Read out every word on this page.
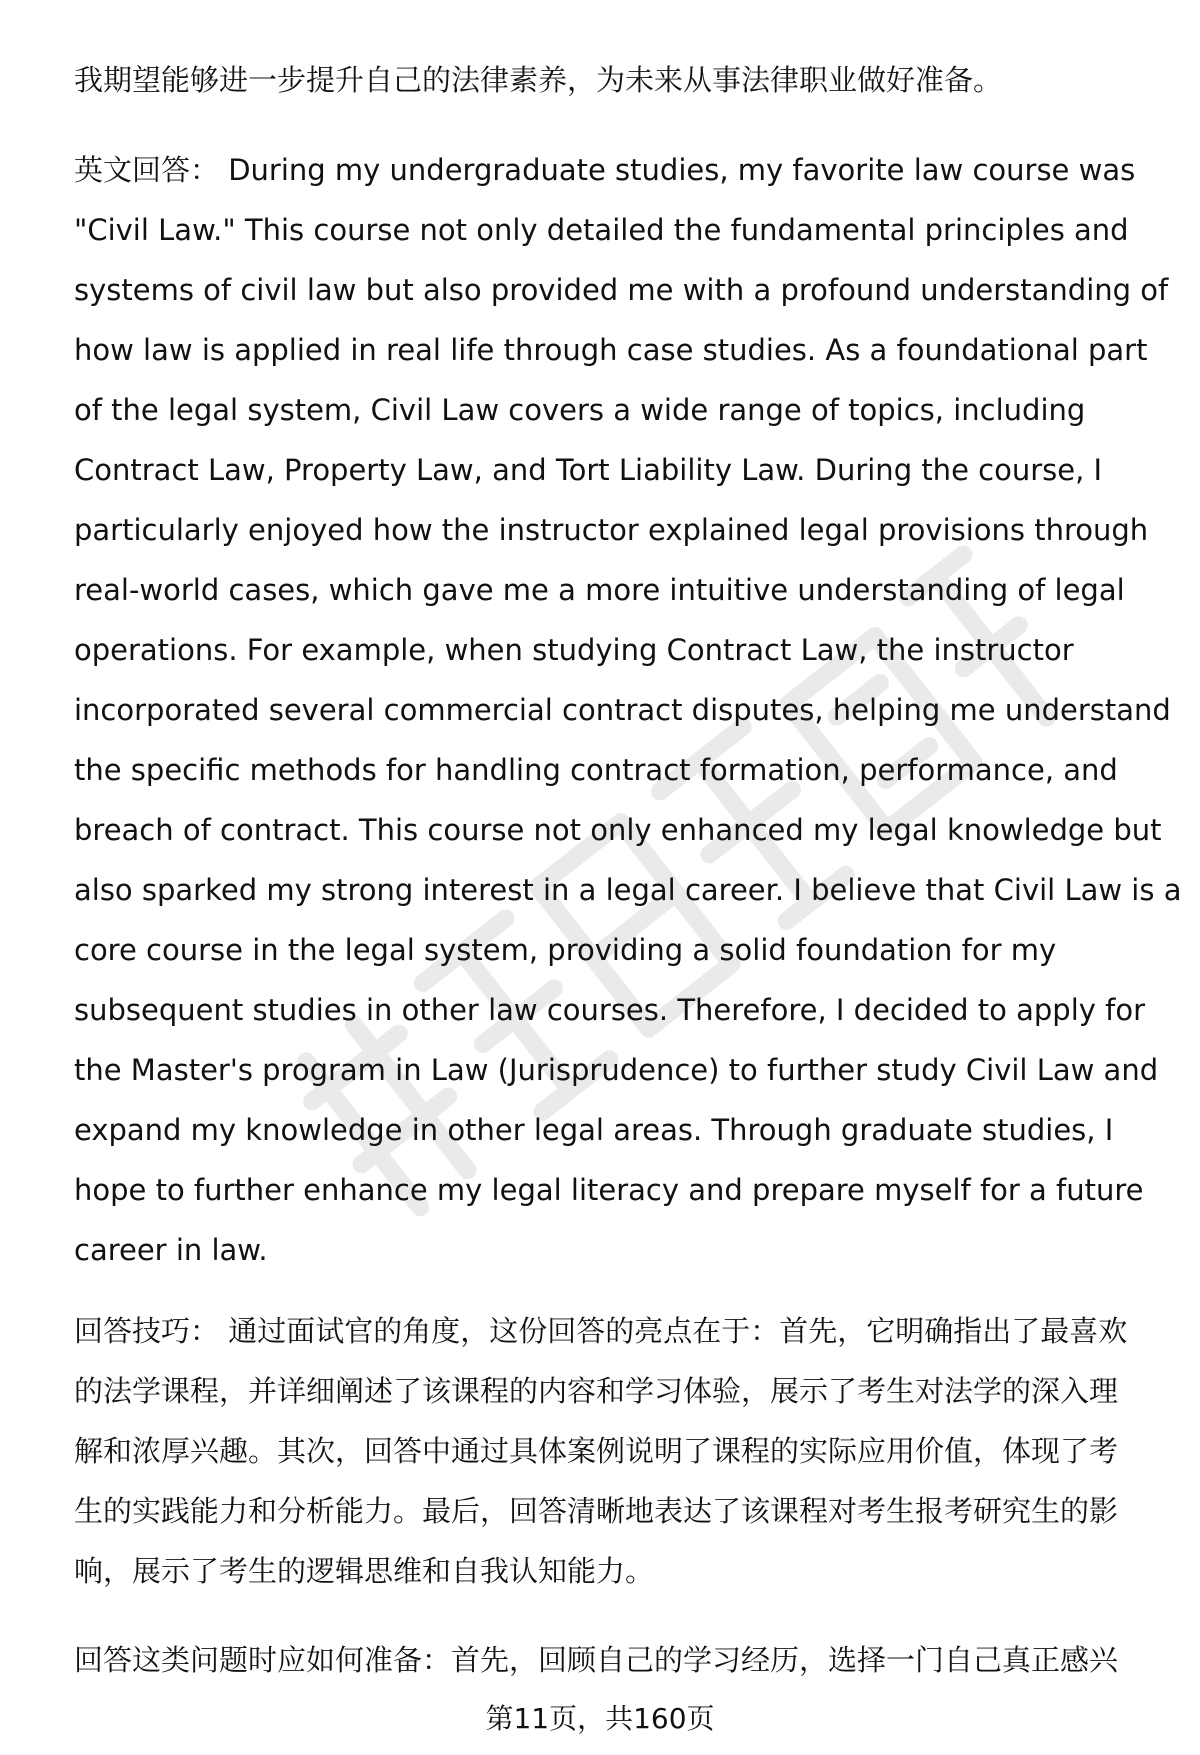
我期望能够进一步提升自己的法律素养，为未来从事法律职业做好准备。
英文回答： During my undergraduate studies, my favorite law course was
"Civil Law." This course not only detailed the fundamental principles and
systems of civil law but also provided me with a profound understanding of
how law is applied in real life through case studies. As a foundational part
of the legal system, Civil Law covers a wide range of topics, including
Contract Law, Property Law, and Tort Liability Law. During the course, I
particularly enjoyed how the instructor explained legal provisions through
real-world cases, which gave me a more intuitive understanding of legal
operations. For example, when studying Contract Law, the instructor
incorporated several commercial contract disputes, helping me understand
the specific methods for handling contract formation, performance, and
breach of contract. This course not only enhanced my legal knowledge but
also sparked my strong interest in a legal career. I believe that Civil Law is a
core course in the legal system, providing a solid foundation for my
subsequent studies in other law courses. Therefore, I decided to apply for
the Master's program in Law (Jurisprudence) to further study Civil Law and
expand my knowledge in other legal areas. Through graduate studies, I
hope to further enhance my legal literacy and prepare myself for a future
career in law.
回答技巧： 通过面试官的角度，这份回答的亮点在于：首先，它明确指出了最喜欢
的法学课程，并详细阐述了该课程的内容和学习体验，展示了考生对法学的深入理
解和浓厚兴趣。其次，回答中通过具体案例说明了课程的实际应用价值，体现了考
生的实践能力和分析能力。最后，回答清晰地表达了该课程对考生报考研究生的影
响，展示了考生的逻辑思维和自我认知能力。
回答这类问题时应如何准备：首先，回顾自己的学习经历，选择一门自己真正感兴
第11页，共160页
